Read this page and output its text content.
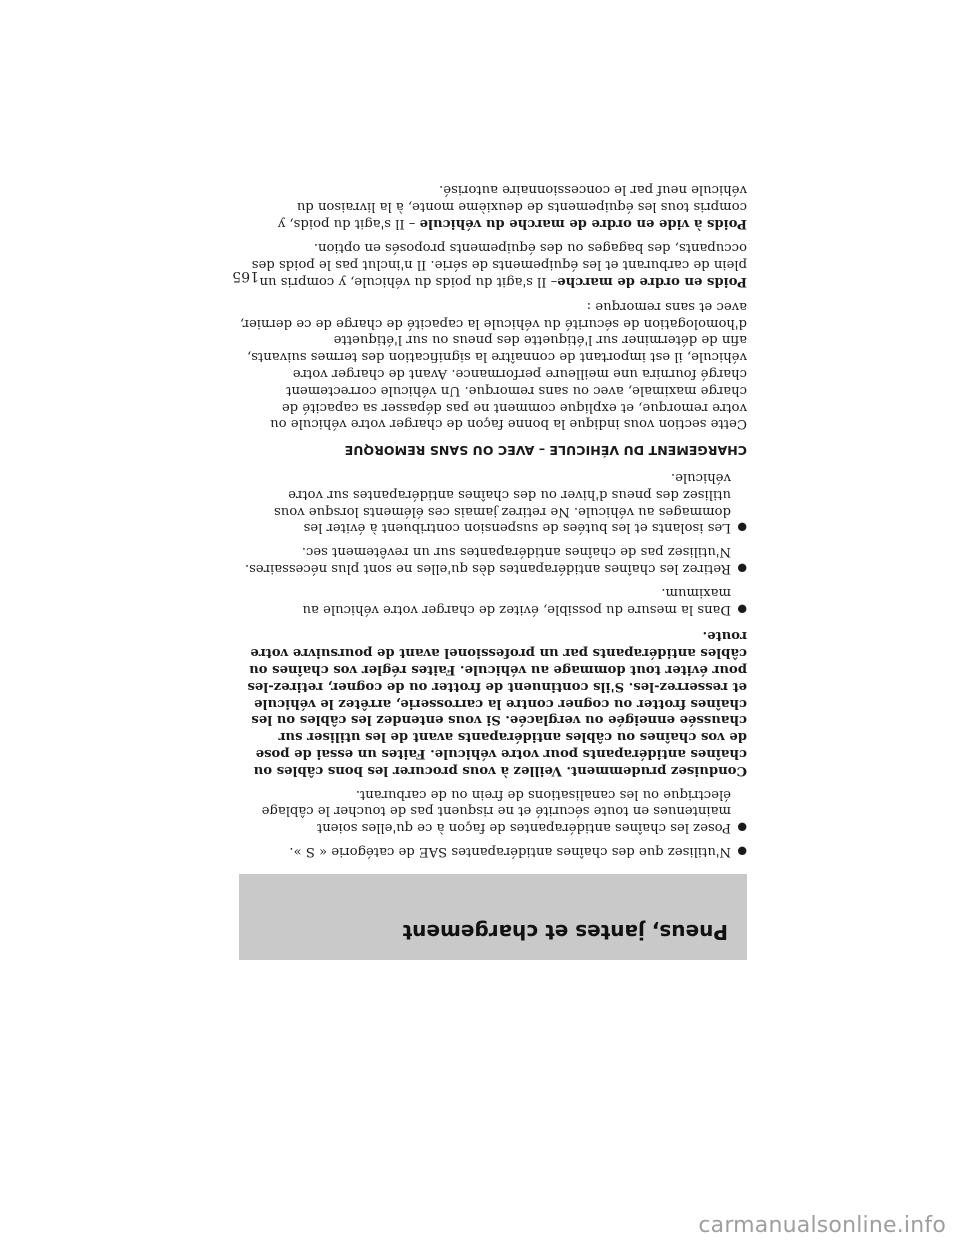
Pneus, jantes et chargement
●
N'utilisez que des chaînes antidérapantes SAE de catégorie « S ».
●
Posez les chaînes antidérapantes de façon à ce qu'elles soient maintenues en toute sécurité et ne risquent pas de toucher le câblage électrique ou les canalisations de frein ou de carburant.
Conduisez prudemment. Veillez à vous procurer les bons câbles ou chaînes antidérapants pour votre véhicule. Faites un essai de pose de vos chaînes ou câbles antidérapants avant de les utiliser sur chaussée enneigée ou verglacée. Si vous entendez les câbles ou les chaînes frotter ou cogner contre la carrosserie, arrêtez le véhicule et resserrez-les. S'ils continuent de frotter ou de cogner, retirez-les pour éviter tout dommage au véhicule. Faites régler vos chaînes ou câbles antidérapants par un professionel avant de poursuivre votre route.
●
Dans la mesure du possible, évitez de charger votre véhicule au maximum.
●
Retirez les chaînes antidérapantes dès qu'elles ne sont plus nécessaires. N'utilisez pas de chaînes antidérapantes sur un revêtement sec.
●
Les isolants et les butées de suspension contribuent à éviter les dommages au véhicule. Ne retirez jamais ces éléments lorsque vous utilisez des pneus d'hiver ou des chaînes antidérapantes sur votre véhicule.
CHARGEMENT DU VÉHICULE – AVEC OU SANS REMORQUE

Cette section vous indique la bonne façon de charger votre véhicule ou votre remorque, et explique comment ne pas dépasser sa capacité de charge maximale, avec ou sans remorque. Un véhicule correctement chargé fournira une meilleure performance. Avant de charger votre véhicule, il est important de connaître la signification des termes suivants, afin de déterminer sur l'étiquette des pneus ou sur l'étiquette d'homologation de sécurité du véhicule la capacité de charge de ce dernier, avec et sans remorque :

Poids en ordre de marche– Il s'agit du poids du véhicule, y compris un plein de carburant et les équipements de série. Il n'inclut pas le poids des occupants, des bagages ou des équipements proposés en option.

Poids à vide en ordre de marche du véhicule – Il s'agit du poids, y compris tous les équipements de deuxième monte, à la livraison du véhicule neuf par le concessionnaire autorisé.

165
carmanualsonline.info
